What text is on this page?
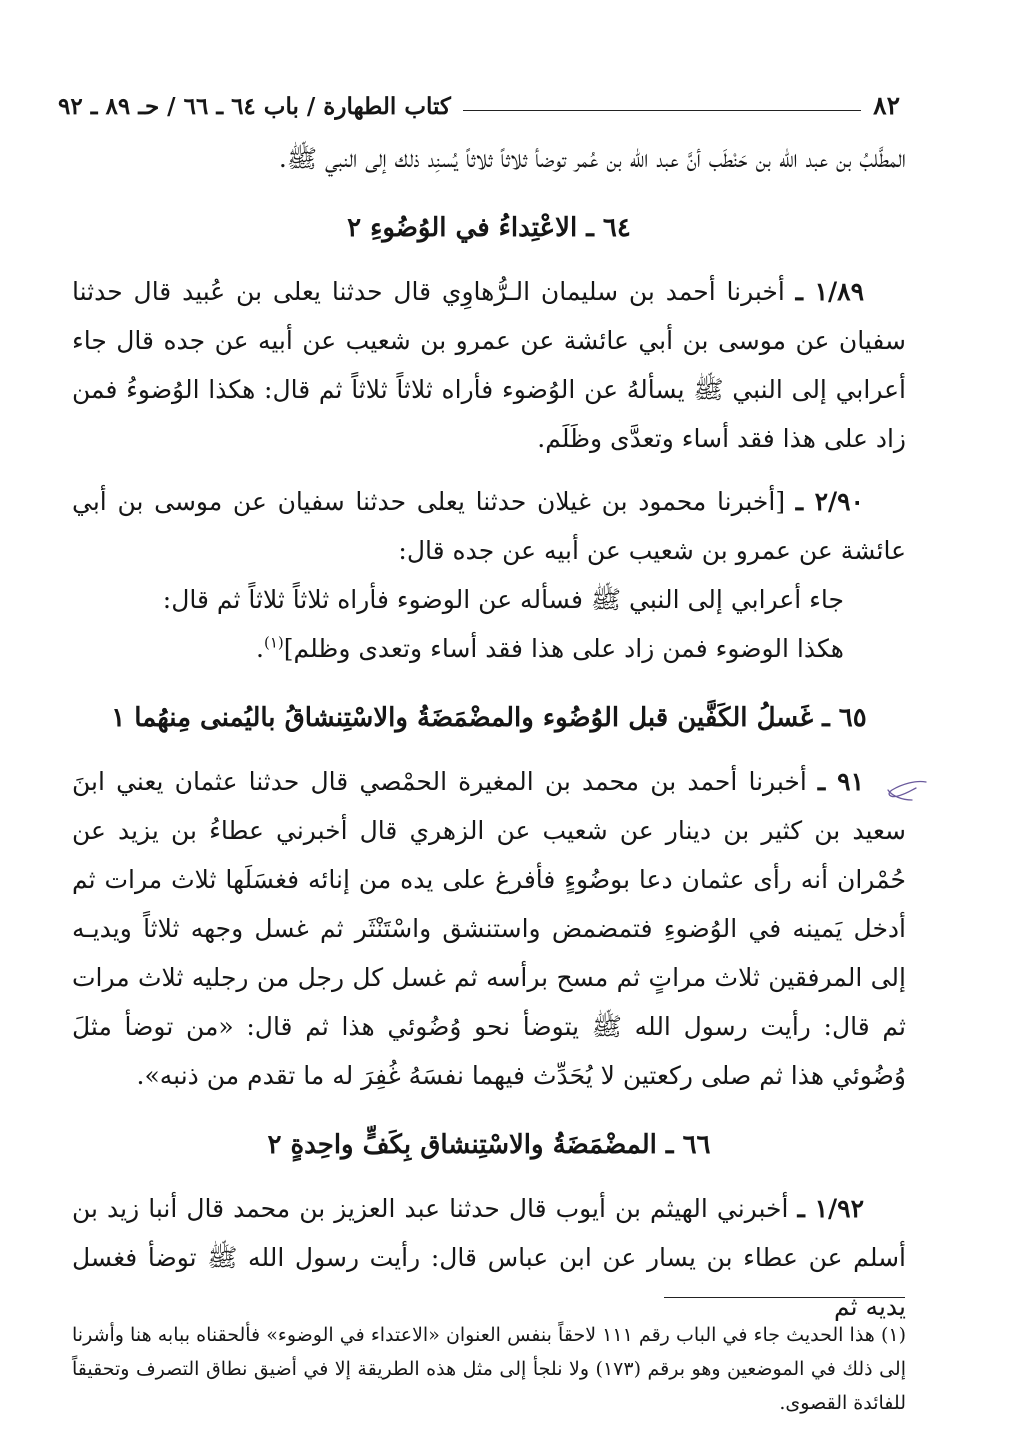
٨٢
كتاب الطهارة / باب ٦٤ ـ ٦٦ / حـ ٨٩ ـ ٩٢

المطَّلبُ بن عبد الله بن حَنْطَب أنَّ عبد الله بن عُمر توضأ ثلاثاً ثلاثاً يُسنِد ذلك إلى النبي ﷺ.

٦٤ ـ الاعْتِداءُ في الوُضُوءِ ٢

١/٨٩ ـ أخبرنا أحمد بن سليمان الـرُّهاوِي قال حدثنا يعلى بن عُبيد قال حدثنا سفيان عن موسى بن أبي عائشة عن عمرو بن شعيب عن أبيه عن جده قال جاء أعرابي إلى النبي ﷺ يسألهُ عن الوُضوء فأراه ثلاثاً ثلاثاً ثم قال: هكذا الوُضوءُ فمن زاد على هذا فقد أساء وتعدَّى وظَلَم.

٢/٩٠ ـ [أخبرنا محمود بن غيلان حدثنا يعلى حدثنا سفيان عن موسى بن أبي عائشة عن عمرو بن شعيب عن أبيه عن جده قال:

جاء أعرابي إلى النبي ﷺ فسأله عن الوضوء فأراه ثلاثاً ثلاثاً ثم قال:

هكذا الوضوء فمن زاد على هذا فقد أساء وتعدى وظلم]$^{(١)}$.

٦٥ ـ غَسلُ الكَفَّين قبل الوُضُوء والمضْمَضَةُ والاسْتِنشاقُ باليُمنى مِنهُما ١

٩١ ـ أخبرنا أحمد بن محمد بن المغيرة الحمْصي قال حدثنا عثمان يعني ابنَ سعيد بن كثير بن دينار عن شعيب عن الزهري قال أخبرني عطاءُ بن يزيد عن حُمْران أنه رأى عثمان دعا بوضُوءٍ فأفرغ على يده من إنائه فغسَلَها ثلاث مرات ثم أدخل يَمينه في الوُضوءِ فتمضمض واستنشق واسْتَنْثَر ثم غسل وجهه ثلاثاً ويديـه إلى المرفقين ثلاث مراتٍ ثم مسح برأسه ثم غسل كل رجل من رجليه ثلاث مرات ثم قال: رأيت رسول الله ﷺ يتوضأ نحو وُضُوئي هذا ثم قال: «من توضأ مثلَ وُضُوئي هذا ثم صلى ركعتين لا يُحَدِّث فيهما نفسَهُ غُفِرَ له ما تقدم من ذنبه».

٦٦ ـ المضْمَضَةُ والاسْتِنشاق بِكَفٍّ واحِدةٍ ٢

١/٩٢ ـ أخبرني الهيثم بن أيوب قال حدثنا عبد العزيز بن محمد قال أنبا زيد بن أسلم عن عطاء بن يسار عن ابن عباس قال: رأيت رسول الله ﷺ توضأ فغسل يديه ثم

(١) هذا الحديث جاء في الباب رقم ١١١ لاحقاً بنفس العنوان «الاعتداء في الوضوء» فألحقناه ببابه هنا وأشرنا إلى ذلك في الموضعين وهو برقم (١٧٣) ولا نلجأ إلى مثل هذه الطريقة إلا في أضيق نطاق التصرف وتحقيقاً للفائدة القصوى.
